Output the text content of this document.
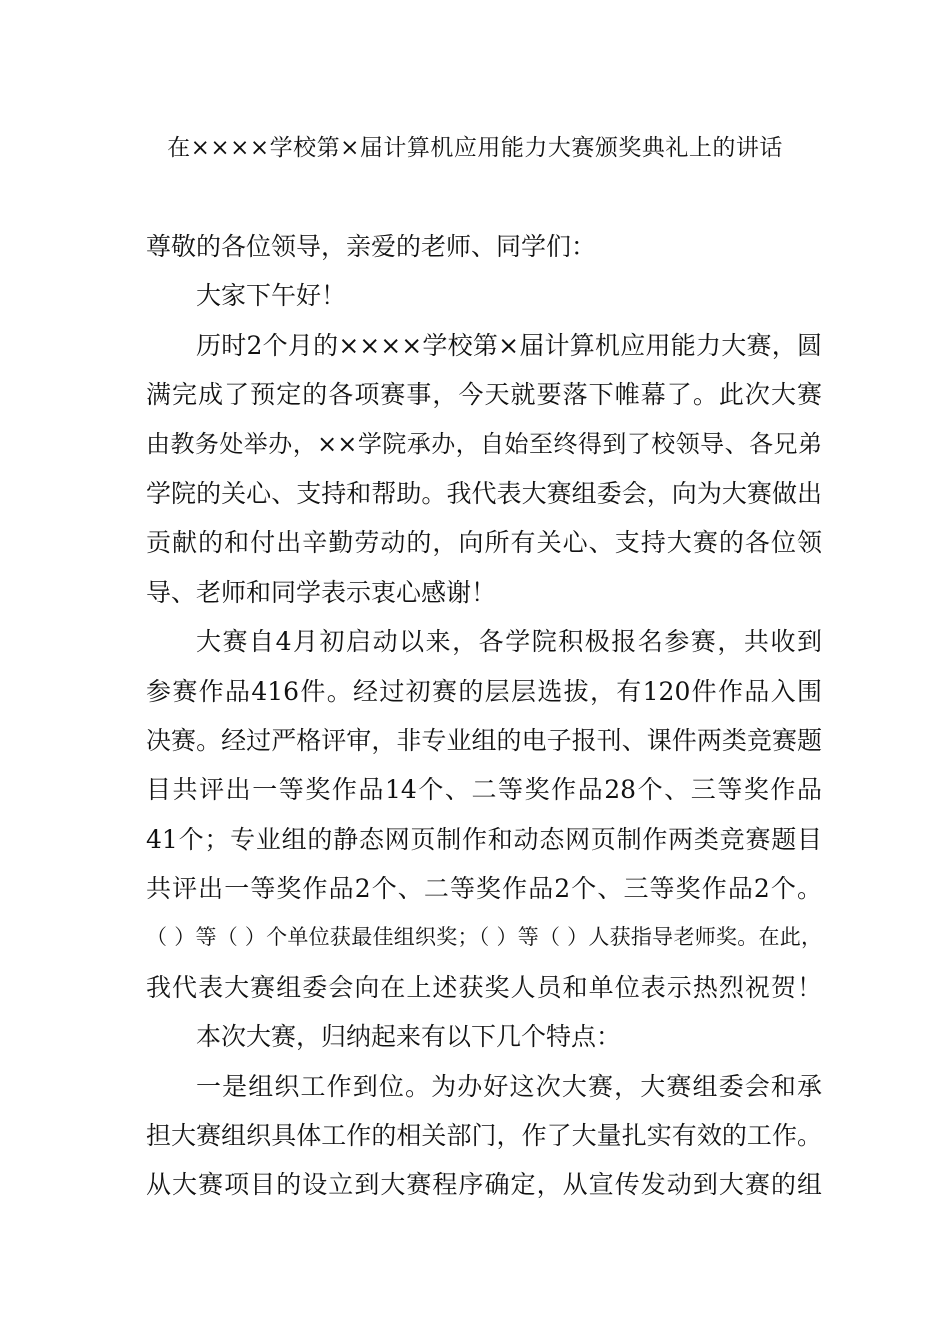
在××××学校第×届计算机应用能力大赛颁奖典礼上的讲话
尊敬的各位领导，亲爱的老师、同学们：
大家下午好！
历时2个月的××××学校第×届计算机应用能力大赛，圆
满完成了预定的各项赛事，今天就要落下帷幕了。此次大赛
由教务处举办，××学院承办，自始至终得到了校领导、各兄弟
学院的关心、支持和帮助。我代表大赛组委会，向为大赛做出
贡献的和付出辛勤劳动的，向所有关心、支持大赛的各位领
导、老师和同学表示衷心感谢！
大赛自4月初启动以来，各学院积极报名参赛，共收到
参赛作品416件。经过初赛的层层选拔，有120件作品入围
决赛。经过严格评审，非专业组的电子报刊、课件两类竞赛题
目共评出一等奖作品14个、二等奖作品28个、三等奖作品
41个；专业组的静态网页制作和动态网页制作两类竞赛题目
共评出一等奖作品2个、二等奖作品2个、三等奖作品2个。
（ ）等（ ）个单位获最佳组织奖；（ ）等（ ）人获指导老师奖。在此，
我代表大赛组委会向在上述获奖人员和单位表示热烈祝贺！
本次大赛，归纳起来有以下几个特点：
一是组织工作到位。为办好这次大赛，大赛组委会和承
担大赛组织具体工作的相关部门，作了大量扎实有效的工作。
从大赛项目的设立到大赛程序确定，从宣传发动到大赛的组
